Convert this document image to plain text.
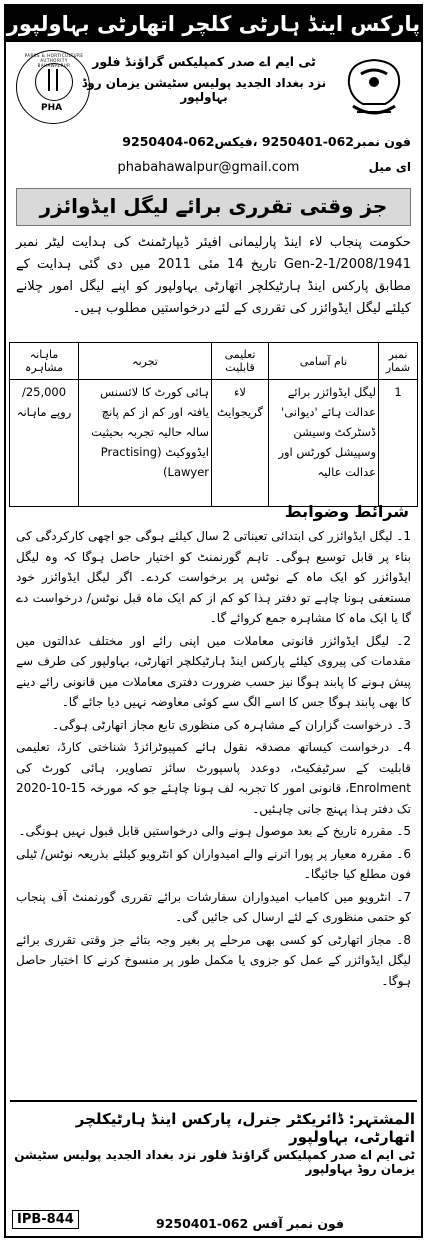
پارکس اینڈ ہارٹی کلچر اتھارٹی بہاولپور
PARKS & HORTICULTURE AUTHORITY BAHAWALPUR
PHA
ٹی ایم اے صدر کمپلیکس گراؤنڈ فلور
نزد بغداد الجدید پولیس سٹیشن یزمان روڈ بہاولپور
فون نمبر062-9250401 ،فیکس062-9250404
ای میل
phabahawalpur@gmail.com
جز وقتی تقرری برائے لیگل ایڈوائزر
حکومت پنجاب لاء اینڈ پارلیمانی افیئر ڈیپارٹمنٹ کی ہدایت لیٹر نمبر Gen-2-1/2008/1941 تاریخ 14 مئی 2011 میں دی گئی ہدایت کے مطابق پارکس اینڈ ہارٹیکلچر اتھارٹی بہاولپور کو اپنے لیگل امور چلانے کیلئے لیگل ایڈوائزر کی تقرری کے لئے درخواستیں مطلوب ہیں۔
نمبر شمار	نام آسامی	تعلیمی قابلیت	تجربہ	ماہانہ مشاہرہ
1	لیگل ایڈوائزر برائے عدالت ہائے 'دیوانی' ڈسٹرکٹ وسیشن وسپیشل کورٹس اور عدالت عالیہ	لاء گریجوایٹ	ہائی کورٹ کا لائسنس یافتہ اور کم از کم پانچ سالہ حالیہ تجربہ بحیثیت ایڈووکیٹ (Practising Lawyer)	25,000/ روپے ماہانہ
شرائط وضوابط

1۔ لیگل ایڈوائزر کی ابتدائی تعیناتی 2 سال کیلئے ہوگی جو اچھی کارکردگی کی بناء پر قابل توسیع ہوگی۔ تاہم گورنمنٹ کو اختیار حاصل ہوگا کہ وہ لیگل ایڈوائزر کو ایک ماہ کے نوٹس پر برخواست کردے۔ اگر لیگل ایڈوائزر خود مستعفی ہونا چاہے تو دفتر ہذا کو کم از کم ایک ماہ قبل نوٹس/ درخواست دے گا یا ایک ماہ کا مشاہرہ جمع کروائے گا۔

2۔ لیگل ایڈوائزر قانونی معاملات میں اپنی رائے اور مختلف عدالتوں میں مقدمات کی پیروی کیلئے پارکس اینڈ ہارٹیکلچر اتھارٹی، بہاولپور کی طرف سے پیش ہونے کا پابند ہوگا نیز حسب ضرورت دفتری معاملات میں قانونی رائے دینے کا بھی پابند ہوگا جس کا اسے الگ سے کوئی معاوضہ نہیں دیا جائے گا۔

3۔ درخواست گزاران کے مشاہرہ کی منظوری تابع مجاز اتھارٹی ہوگی۔

4۔ درخواست کیساتھ مصدقہ نقول ہائے کمپیوٹرائزڈ شناختی کارڈ، تعلیمی قابلیت کے سرٹیفکیٹ، دوعدد پاسپورٹ سائز تصاویر، ہائی کورٹ کی Enrolment، قانونی امور کا تجربہ لف ہونا چاہئے جو کہ مورخہ 15-10-2020 تک دفتر ہذا پہنچ جانی چاہئیں۔

5۔ مقررہ تاریخ کے بعد موصول ہونے والی درخواستیں قابل قبول نہیں ہونگی۔

6۔ مقررہ معیار پر پورا اترنے والے امیدواران کو انٹرویو کیلئے بذریعہ نوٹس/ ٹیلی فون مطلع کیا جائیگا۔

7۔ انٹرویو میں کامیاب امیدواران سفارشات برائے تقرری گورنمنٹ آف پنجاب کو حتمی منظوری کے لئے ارسال کی جائیں گی۔

8۔ مجاز اتھارٹی کو کسی بھی مرحلے پر بغیر وجہ بتائے جز وقتی تقرری برائے لیگل ایڈوائزر کے عمل کو جزوی یا مکمل طور پر منسوخ کرنے کا اختیار حاصل ہوگا۔

المشتہر: ڈائریکٹر جنرل، پارکس اینڈ ہارٹیکلچر اتھارٹی، بہاولپور
ٹی ایم اے صدر کمپلیکس گراؤنڈ فلور نزد بغداد الجدید پولیس سٹیشن یزمان روڈ بہاولپور
فون نمبر آفس 062-9250401
IPB-844
